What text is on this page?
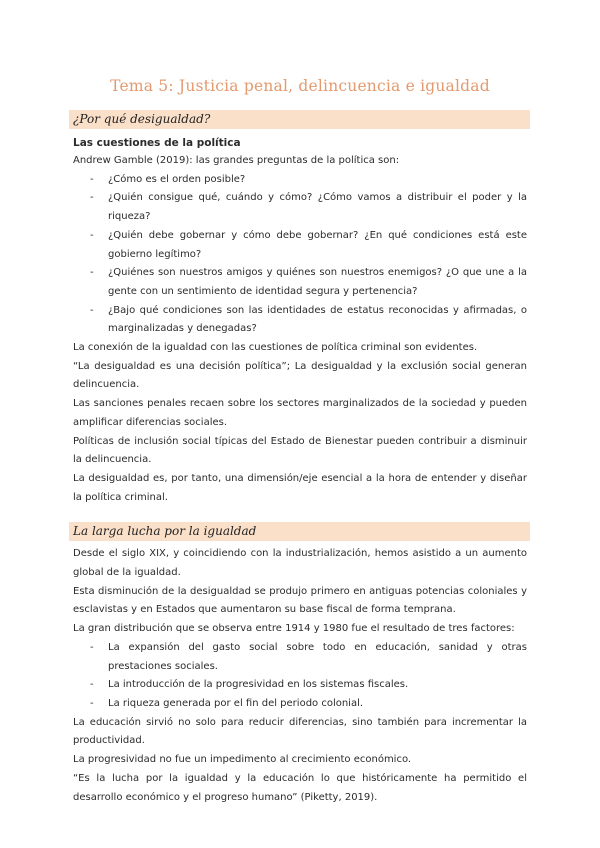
Tema 5: Justicia penal, delincuencia e igualdad
¿Por qué desigualdad?
Las cuestiones de la política

Andrew Gamble (2019): las grandes preguntas de la política son:

- ¿Cómo es el orden posible?
- ¿Quién consigue qué, cuándo y cómo? ¿Cómo vamos a distribuir el poder y la riqueza?
- ¿Quién debe gobernar y cómo debe gobernar? ¿En qué condiciones está este gobierno legítimo?
- ¿Quiénes son nuestros amigos y quiénes son nuestros enemigos? ¿O que une a la gente con un sentimiento de identidad segura y pertenencia?
- ¿Bajo qué condiciones son las identidades de estatus reconocidas y afirmadas, o marginalizadas y denegadas?

La conexión de la igualdad con las cuestiones de política criminal son evidentes.

“La desigualdad es una decisión política”; La desigualdad y la exclusión social generan delincuencia.

Las sanciones penales recaen sobre los sectores marginalizados de la sociedad y pueden amplificar diferencias sociales.

Políticas de inclusión social típicas del Estado de Bienestar pueden contribuir a disminuir la delincuencia.

La desigualdad es, por tanto, una dimensión/eje esencial a la hora de entender y diseñar la política criminal.

La larga lucha por la igualdad

Desde el siglo XIX, y coincidiendo con la industrialización, hemos asistido a un aumento global de la igualdad.

Esta disminución de la desigualdad se produjo primero en antiguas potencias coloniales y esclavistas y en Estados que aumentaron su base fiscal de forma temprana.

La gran distribución que se observa entre 1914 y 1980 fue el resultado de tres factores:

- La expansión del gasto social sobre todo en educación, sanidad y otras prestaciones sociales.
- La introducción de la progresividad en los sistemas fiscales.
- La riqueza generada por el fin del periodo colonial.

La educación sirvió no solo para reducir diferencias, sino también para incrementar la productividad.

La progresividad no fue un impedimento al crecimiento económico.

“Es la lucha por la igualdad y la educación lo que históricamente ha permitido el desarrollo económico y el progreso humano” (Piketty, 2019).
